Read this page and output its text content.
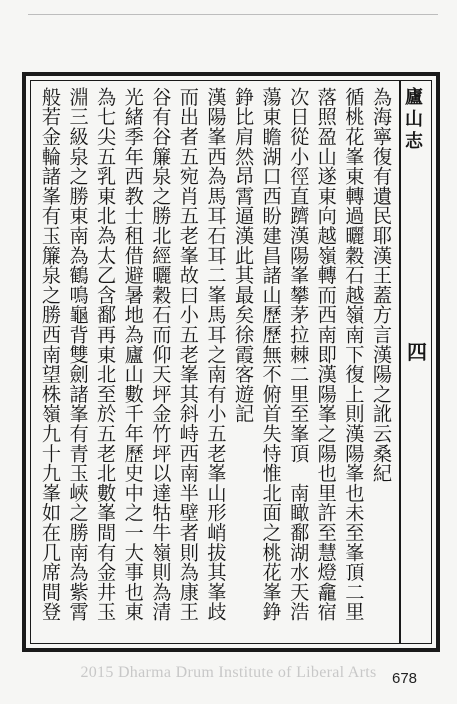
廬山志
四
為海寧復有遺民耶漢王蓋方言漢陽之訛云桑紀
循桃花峯東轉過曬穀石越嶺南下復上則漢陽峯也未至峯頂二里
落照盈山遂東向越嶺轉而西南即漢陽峯之陽也里許至慧燈龕宿
次日從小徑直躋漢陽峯攀茅拉棘二里至峯頂　南瞰鄱湖水天浩
蕩東瞻湖口西盼建昌諸山歷歷無不俯首失恃惟北面之桃花峯錚
錚比肩然昂霄逼漢此其最矣徐霞客遊記
漢陽峯西為馬耳石耳二峯馬耳之南有小五老峯山形峭拔其峯歧
而出者五宛肖五老峯故曰小五老峯其斜峙西南半壁者則為康王
谷有谷簾泉之勝北經曬穀石而仰天坪金竹坪以達牯牛嶺則為清
光緒季年西教士租借避暑地為廬山數千年歷史中之一大事也東
為七尖五乳東北為太乙含鄱再東北至於五老北數峯間有金井玉
淵三級泉之勝東南為鶴鳴龜背雙劍諸峯有青玉峽之勝南為紫霄
般若金輪諸峯有玉簾泉之勝西南望株嶺九十九峯如在几席間登
2015 Dharma Drum Institute of Liberal Arts	678
